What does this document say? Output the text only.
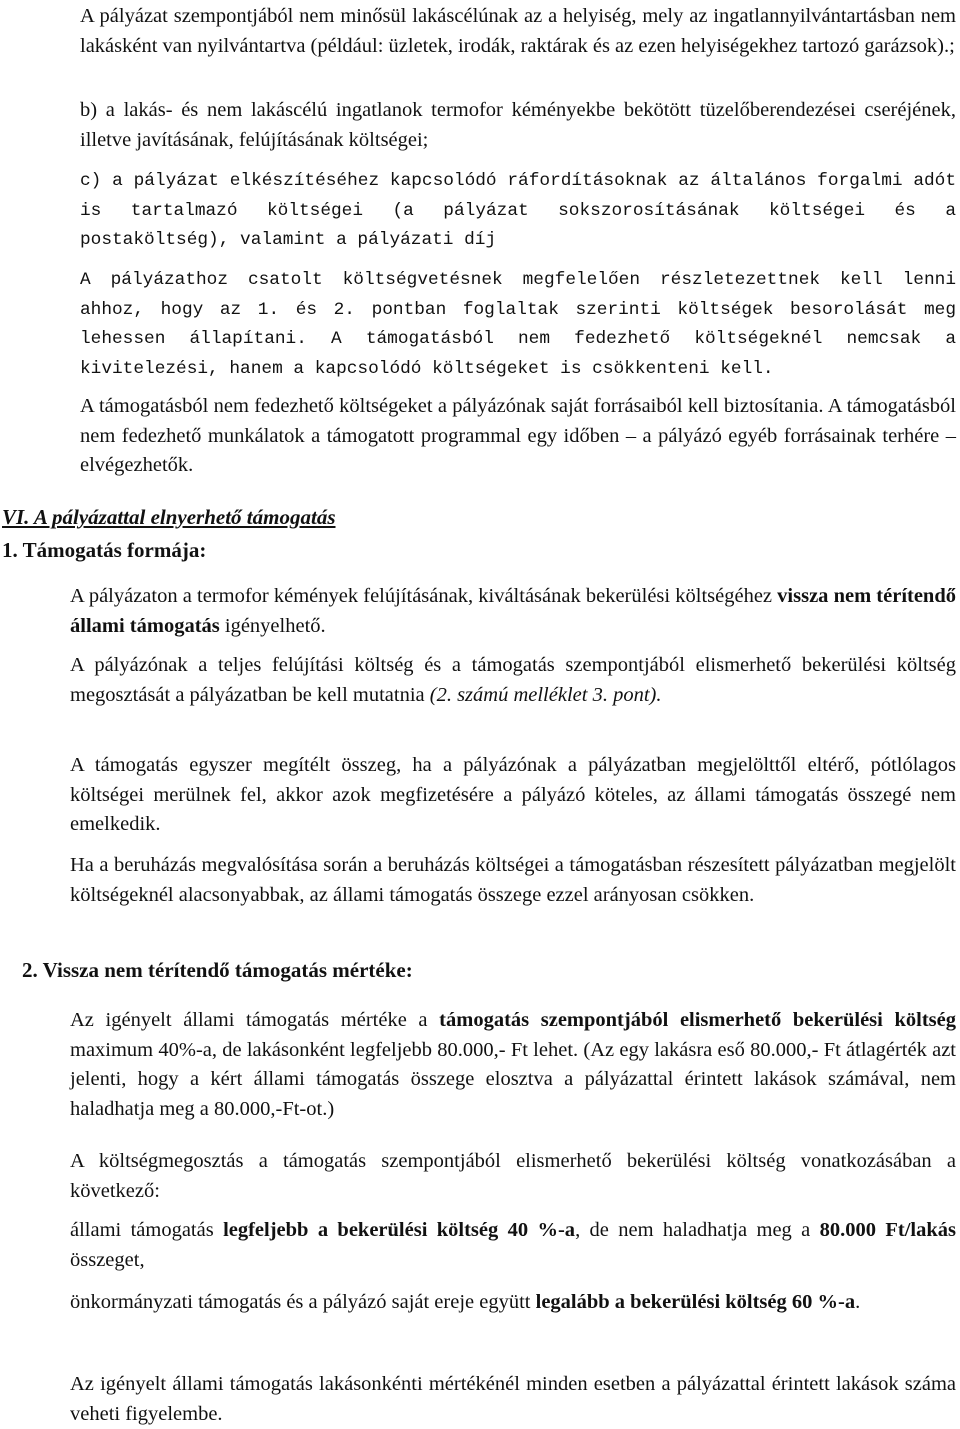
A pályázat szempontjából nem minősül lakáscélúnak az a helyiség, mely az ingatlannyilvántartásban nem lakásként van nyilvántartva (például: üzletek, irodák, raktárak és az ezen helyiségekhez tartozó garázsok).;

b) a lakás- és nem lakáscélú ingatlanok termofor kéményekbe bekötött tüzelőberendezései cseréjének, illetve javításának, felújításának költségei;

c) a pályázat elkészítéséhez kapcsolódó ráfordításoknak az általános forgalmi adót is tartalmazó költségei (a pályázat sokszorosításának költségei és a postaköltség), valamint a pályázati díj

A pályázathoz csatolt költségvetésnek megfelelően részletezettnek kell lenni ahhoz, hogy az 1. és 2. pontban foglaltak szerinti költségek besorolását meg lehessen állapítani. A támogatásból nem fedezhető költségeknél nemcsak a kivitelezési, hanem a kapcsolódó költségeket is csökkenteni kell.

A támogatásból nem fedezhető költségeket a pályázónak saját forrásaiból kell biztosítania. A támogatásból nem fedezhető munkálatok a támogatott programmal egy időben – a pályázó egyéb forrásainak terhére – elvégezhetők.

VI. A pályázattal elnyerhető támogatás
1. Támogatás formája:

A pályázaton a termofor kémények felújításának, kiváltásának bekerülési költségéhez vissza nem térítendő állami támogatás igényelhető.

A pályázónak a teljes felújítási költség és a támogatás szempontjából elismerhető bekerülési költség megosztását a pályázatban be kell mutatnia (2. számú melléklet 3. pont).

A támogatás egyszer megítélt összeg, ha a pályázónak a pályázatban megjelölttől eltérő, pótlólagos költségei merülnek fel, akkor azok megfizetésére a pályázó köteles, az állami támogatás összegé nem emelkedik.

Ha a beruházás megvalósítása során a beruházás költségei a támogatásban részesített pályázatban megjelölt költségeknél alacsonyabbak, az állami támogatás összege ezzel arányosan csökken.

2. Vissza nem térítendő támogatás mértéke:

Az igényelt állami támogatás mértéke a támogatás szempontjából elismerhető bekerülési költség maximum 40%-a, de lakásonként legfeljebb 80.000,- Ft lehet. (Az egy lakásra eső 80.000,- Ft átlagérték azt jelenti, hogy a kért állami támogatás összege elosztva a pályázattal érintett lakások számával, nem haladhatja meg a 80.000,-Ft-ot.)

A költségmegosztás a támogatás szempontjából elismerhető bekerülési költség vonatkozásában a következő:

állami támogatás legfeljebb a bekerülési költség 40 %-a, de nem haladhatja meg a 80.000 Ft/lakás összeget,

önkormányzati támogatás és a pályázó saját ereje együtt legalább a bekerülési költség 60 %-a.

Az igényelt állami támogatás lakásonkénti mértékénél minden esetben a pályázattal érintett lakások száma veheti figyelembe.
